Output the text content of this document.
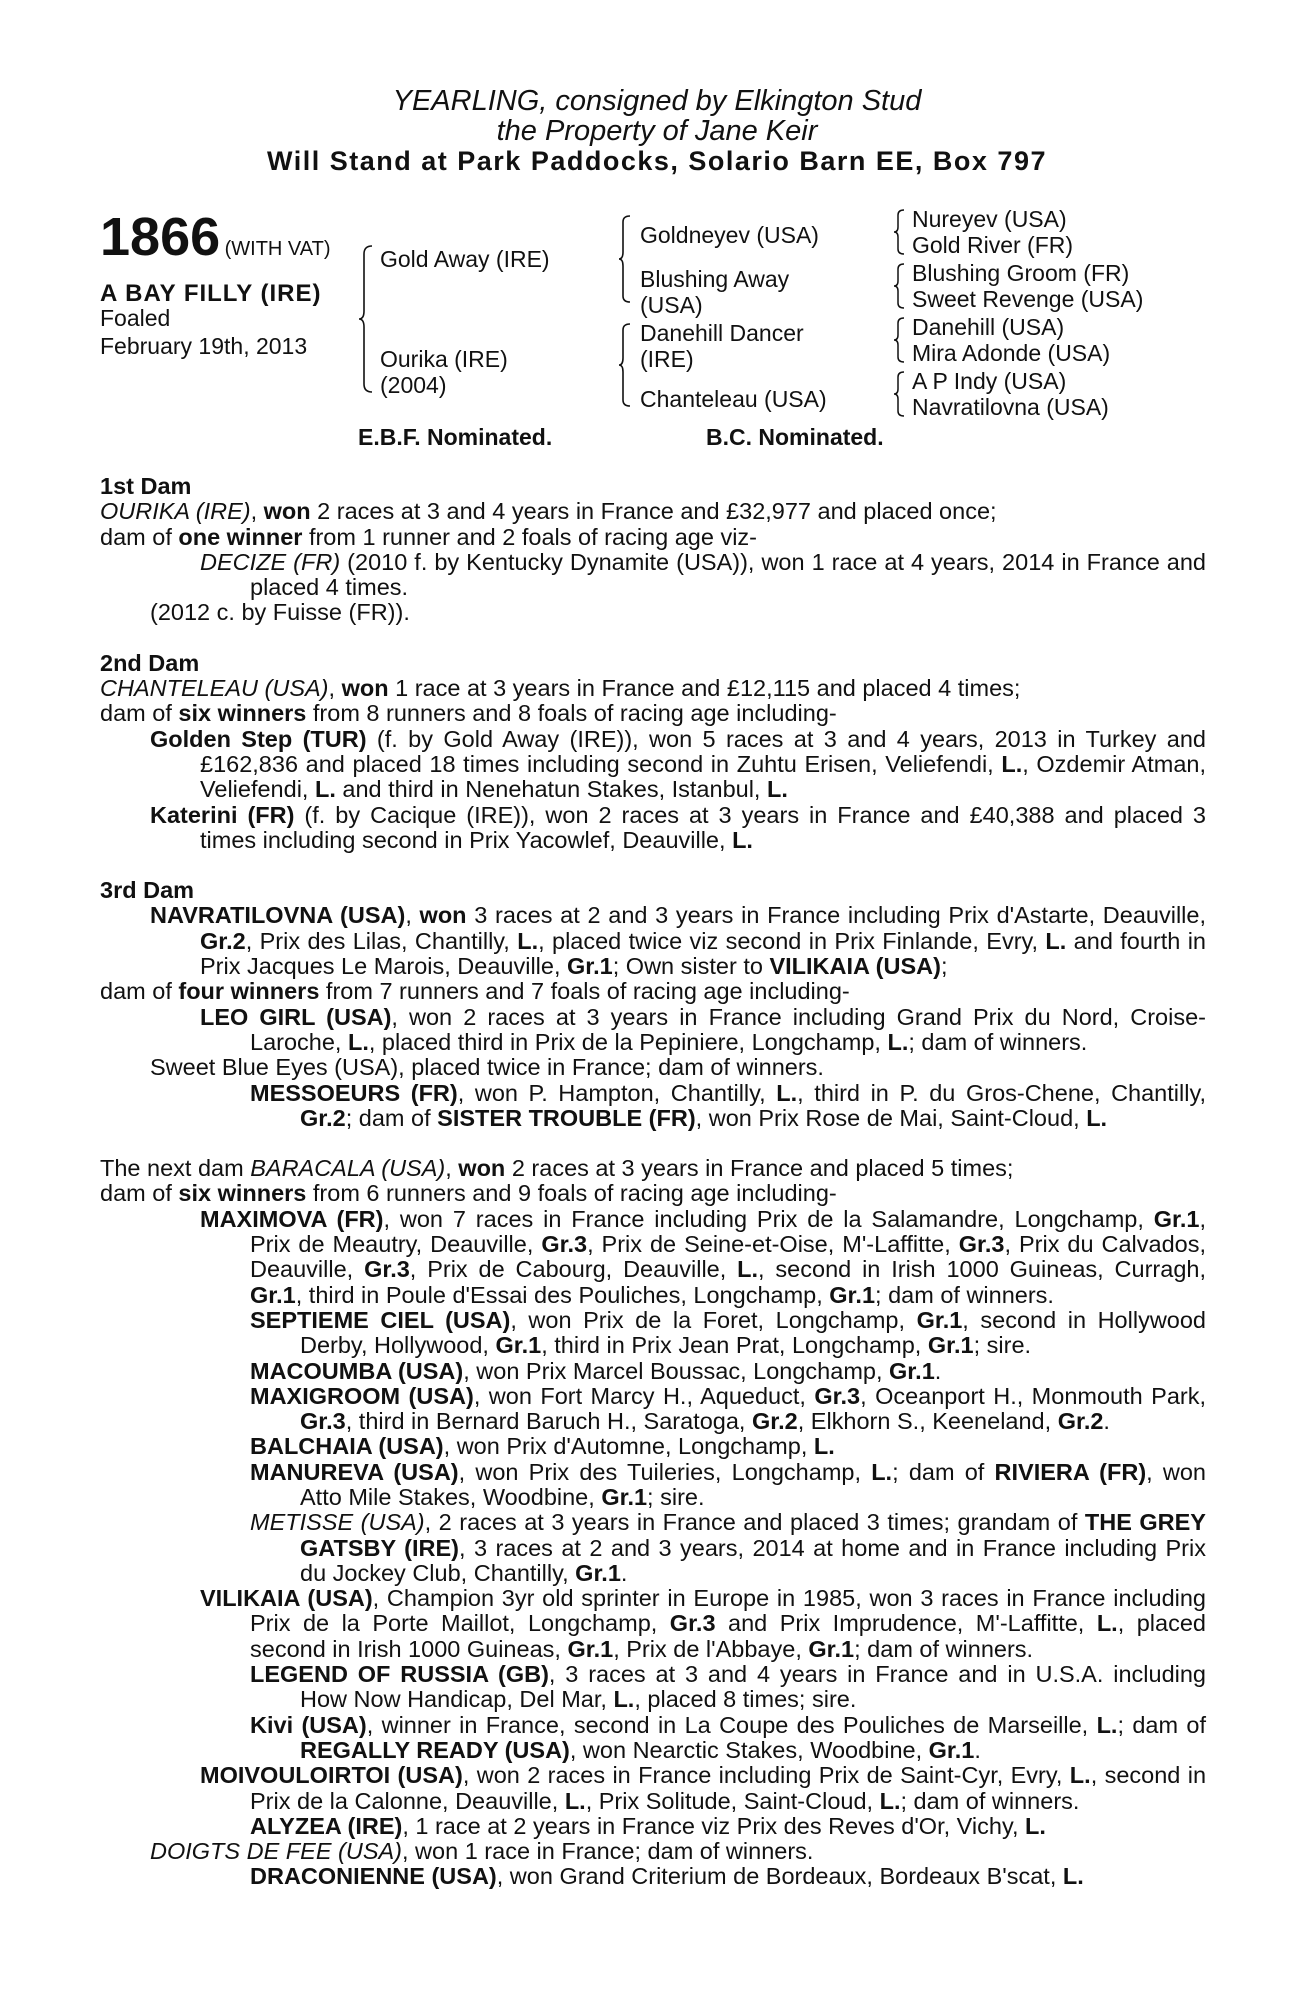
YEARLING, consigned by Elkington Stud
the Property of Jane Keir
Will Stand at Park Paddocks, Solario Barn EE, Box 797
1866 (WITH VAT)
A BAY FILLY (IRE)
Foaled
February 19th, 2013
Gold Away (IRE)
Ourika (IRE)
(2004)
Goldneyev (USA)
Blushing Away
(USA)
Danehill Dancer
(IRE)
Chanteleau (USA)
Nureyev (USA)
Gold River (FR)
Blushing Groom (FR)
Sweet Revenge (USA)
Danehill (USA)
Mira Adonde (USA)
A P Indy (USA)
Navratilovna (USA)
E.B.F. Nominated.	B.C. Nominated.

1st Dam

OURIKA (IRE), won 2 races at 3 and 4 years in France and £32,977 and placed once;

dam of one winner from 1 runner and 2 foals of racing age viz-

DECIZE (FR) (2010 f. by Kentucky Dynamite (USA)), won 1 race at 4 years, 2014 in France and placed 4 times.

(2012 c. by Fuisse (FR)).

2nd Dam

CHANTELEAU (USA), won 1 race at 3 years in France and £12,115 and placed 4 times;

dam of six winners from 8 runners and 8 foals of racing age including-

Golden Step (TUR) (f. by Gold Away (IRE)), won 5 races at 3 and 4 years, 2013 in Turkey and £162,836 and placed 18 times including second in Zuhtu Erisen, Veliefendi, L., Ozdemir Atman, Veliefendi, L. and third in Nenehatun Stakes, Istanbul, L.

Katerini (FR) (f. by Cacique (IRE)), won 2 races at 3 years in France and £40,388 and placed 3 times including second in Prix Yacowlef, Deauville, L.

3rd Dam

NAVRATILOVNA (USA), won 3 races at 2 and 3 years in France including Prix d'Astarte, Deauville, Gr.2, Prix des Lilas, Chantilly, L., placed twice viz second in Prix Finlande, Evry, L. and fourth in Prix Jacques Le Marois, Deauville, Gr.1; Own sister to VILIKAIA (USA);

dam of four winners from 7 runners and 7 foals of racing age including-

LEO GIRL (USA), won 2 races at 3 years in France including Grand Prix du Nord, Croise-Laroche, L., placed third in Prix de la Pepiniere, Longchamp, L.; dam of winners.

Sweet Blue Eyes (USA), placed twice in France; dam of winners.

MESSOEURS (FR), won P. Hampton, Chantilly, L., third in P. du Gros-Chene, Chantilly, Gr.2; dam of SISTER TROUBLE (FR), won Prix Rose de Mai, Saint-Cloud, L.

The next dam BARACALA (USA), won 2 races at 3 years in France and placed 5 times;

dam of six winners from 6 runners and 9 foals of racing age including-

MAXIMOVA (FR), won 7 races in France including Prix de la Salamandre, Longchamp, Gr.1, Prix de Meautry, Deauville, Gr.3, Prix de Seine-et-Oise, M'-Laffitte, Gr.3, Prix du Calvados, Deauville, Gr.3, Prix de Cabourg, Deauville, L., second in Irish 1000 Guineas, Curragh, Gr.1, third in Poule d'Essai des Pouliches, Longchamp, Gr.1; dam of winners.

SEPTIEME CIEL (USA), won Prix de la Foret, Longchamp, Gr.1, second in Hollywood Derby, Hollywood, Gr.1, third in Prix Jean Prat, Longchamp, Gr.1; sire.

MACOUMBA (USA), won Prix Marcel Boussac, Longchamp, Gr.1.

MAXIGROOM (USA), won Fort Marcy H., Aqueduct, Gr.3, Oceanport H., Monmouth Park, Gr.3, third in Bernard Baruch H., Saratoga, Gr.2, Elkhorn S., Keeneland, Gr.2.

BALCHAIA (USA), won Prix d'Automne, Longchamp, L.

MANUREVA (USA), won Prix des Tuileries, Longchamp, L.; dam of RIVIERA (FR), won Atto Mile Stakes, Woodbine, Gr.1; sire.

METISSE (USA), 2 races at 3 years in France and placed 3 times; grandam of THE GREY GATSBY (IRE), 3 races at 2 and 3 years, 2014 at home and in France including Prix du Jockey Club, Chantilly, Gr.1.

VILIKAIA (USA), Champion 3yr old sprinter in Europe in 1985, won 3 races in France including Prix de la Porte Maillot, Longchamp, Gr.3 and Prix Imprudence, M'-Laffitte, L., placed second in Irish 1000 Guineas, Gr.1, Prix de l'Abbaye, Gr.1; dam of winners.

LEGEND OF RUSSIA (GB), 3 races at 3 and 4 years in France and in U.S.A. including How Now Handicap, Del Mar, L., placed 8 times; sire.

Kivi (USA), winner in France, second in La Coupe des Pouliches de Marseille, L.; dam of REGALLY READY (USA), won Nearctic Stakes, Woodbine, Gr.1.

MOIVOULOIRTOI (USA), won 2 races in France including Prix de Saint-Cyr, Evry, L., second in Prix de la Calonne, Deauville, L., Prix Solitude, Saint-Cloud, L.; dam of winners.

ALYZEA (IRE), 1 race at 2 years in France viz Prix des Reves d'Or, Vichy, L.

DOIGTS DE FEE (USA), won 1 race in France; dam of winners.

DRACONIENNE (USA), won Grand Criterium de Bordeaux, Bordeaux B'scat, L.
